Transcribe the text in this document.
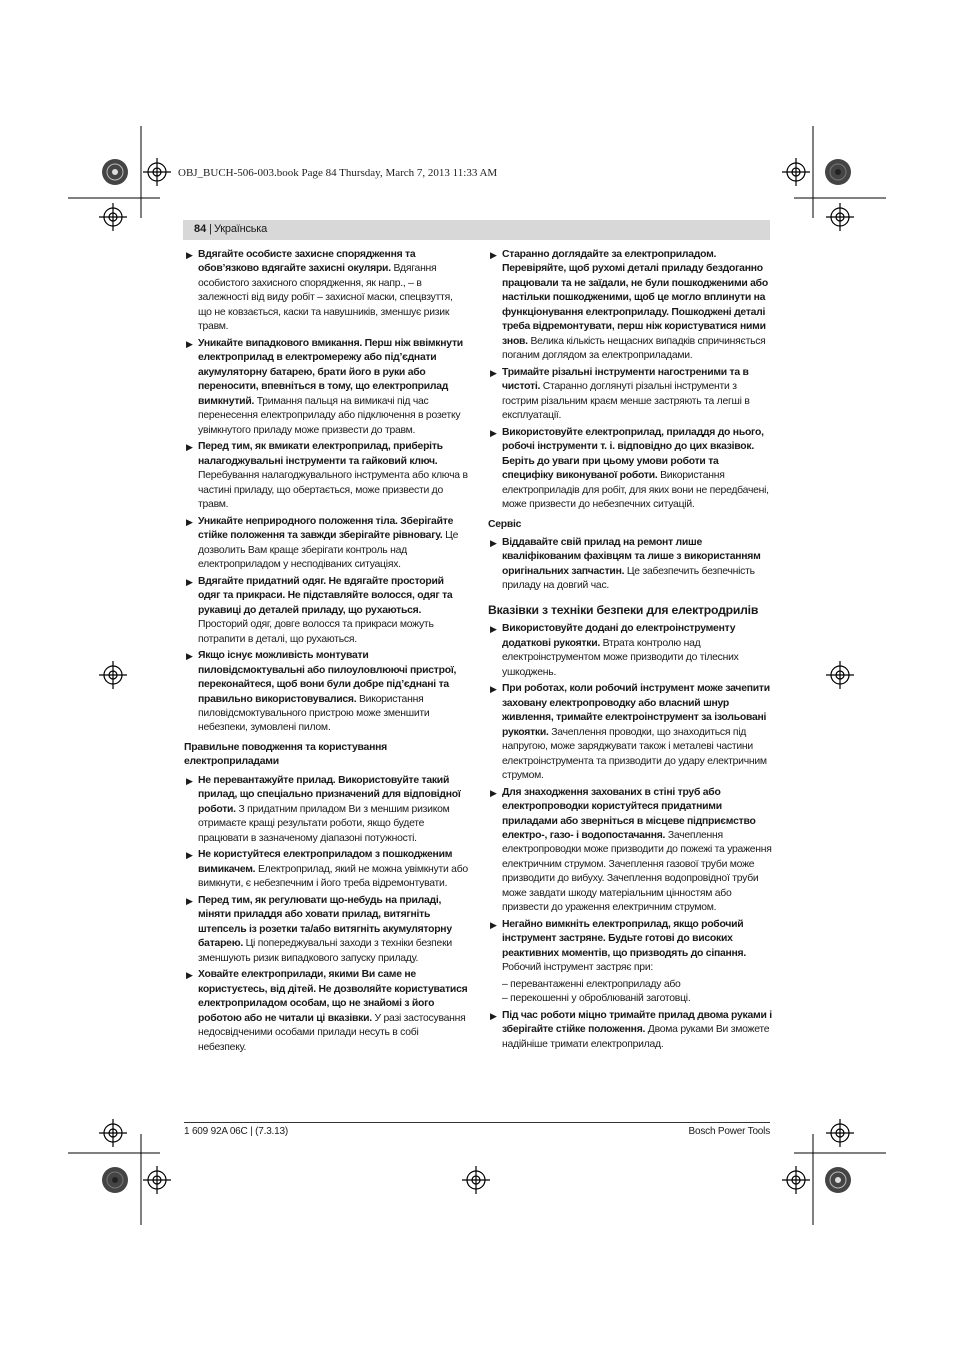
OBJ_BUCH-506-003.book Page 84 Thursday, March 7, 2013 11:33 AM
84 | Українська
▶ Вдягайте особисте захисне спорядження та обов’язково вдягайте захисні окуляри. Вдягання особистого захисного спорядження, як напр., – в залежності від виду робіт – захисної маски, спецвзуття, що не ковзається, каски та навушників, зменшує ризик травм.
▶ Уникайте випадкового вмикання. Перш ніж ввімкнути електроприлад в електромережу або під’єднати акумуляторну батарею, брати його в руки або переносити, впевніться в тому, що електроприлад вимкнутий. Тримання пальця на вимикачі під час перенесення електроприладу або підключення в розетку увімкнутого приладу може призвести до травм.
▶ Перед тим, як вмикати електроприлад, приберіть налагоджувальні інструменти та гайковий ключ. Перебування налагоджувального інструмента або ключа в частині приладу, що обертається, може призвести до травм.
▶ Уникайте неприродного положення тіла. Зберігайте стійке положення та завжди зберігайте рівновагу. Це дозволить Вам краще зберігати контроль над електроприладом у несподіваних ситуаціях.
▶ Вдягайте придатний одяг. Не вдягайте просторий одяг та прикраси. Не підставляйте волосся, одяг та рукавиці до деталей приладу, що рухаються. Просторий одяг, довге волосся та прикраси можуть потрапити в деталі, що рухаються.
▶ Якщо існує можливість монтувати пиловідсмоктувальні або пилоуловлюючі пристрої, переконайтеся, щоб вони були добре під’єднані та правильно використовувалися. Використання пиловідсмоктувального пристрою може зменшити небезпеки, зумовлені пилом.
Правильне поводження та користування електроприладами
▶ Не перевантажуйте прилад. Використовуйте такий прилад, що спеціально призначений для відповідної роботи. З придатним приладом Ви з меншим ризиком отримаєте кращі результати роботи, якщо будете працювати в зазначеному діапазоні потужності.
▶ Не користуйтеся електроприладом з пошкодженим вимикачем. Електроприлад, який не можна увімкнути або вимкнути, є небезпечним і його треба відремонтувати.
▶ Перед тим, як регулювати що-небудь на приладі, міняти приладдя або ховати прилад, витягніть штепсель із розетки та/або витягніть акумуляторну батарею. Ці попереджувальні заходи з техніки безпеки зменшують ризик випадкового запуску приладу.
▶ Ховайте електроприлади, якими Ви саме не користуєтесь, від дітей. Не дозволяйте користуватися електроприладом особам, що не знайомі з його роботою або не читали ці вказівки. У разі застосування недосвідченими особами прилади несуть в собі небезпеку.
▶ Старанно доглядайте за електроприладом. Перевіряйте, щоб рухомі деталі приладу бездоганно працювали та не заїдали, не були пошкодженими або настільки пошкодженими, щоб це могло вплинути на функціонування електроприладу. Пошкоджені деталі треба відремонтувати, перш ніж користуватися ними знов. Велика кількість нещасних випадків спричиняється поганим доглядом за електроприладами.
▶ Тримайте різальні інструменти нагостреними та в чистоті. Старанно доглянуті різальні інструменти з гострим різальним краєм менше застряють та легші в експлуатації.
▶ Використовуйте електроприлад, приладдя до нього, робочі інструменти т. і. відповідно до цих вказівок. Беріть до уваги при цьому умови роботи та специфіку виконуваної роботи. Використання електроприладів для робіт, для яких вони не передбачені, може призвести до небезпечних ситуацій.
Сервіс
▶ Віддавайте свій прилад на ремонт лише кваліфікованим фахівцям та лише з використанням оригінальних запчастин. Це забезпечить безпечність приладу на довгий час.
Вказівки з техніки безпеки для електродрилів
▶ Використовуйте додані до електроінструменту додаткові рукоятки. Втрата контролю над електроінструментом може призводити до тілесних ушкоджень.
▶ При роботах, коли робочий інструмент може зачепити заховану електропроводку або власний шнур живлення, тримайте електроінструмент за ізольовані рукоятки. Зачеплення проводки, що знаходиться під напругою, може заряджувати також і металеві частини електроінструмента та призводити до удару електричним струмом.
▶ Для знаходження захованих в стіні труб або електропроводки користуйтеся придатними приладами або зверніться в місцеве підприємство електро-, газо- і водопостачання. Зачеплення електропроводки може призводити до пожежі та ураження електричним струмом. Зачеплення газової труби може призводити до вибуху. Зачеплення водопровідної труби може завдати шкоду матеріальним цінностям або призвести до ураження електричним струмом.
▶ Негайно вимкніть електроприлад, якщо робочий інструмент застряне. Будьте готові до високих реактивних моментів, що призводять до сіпання. Робочий інструмент застряє при:
– перевантаженні електроприладу або
– перекошенні у оброблюваній заготовці.
▶ Під час роботи міцно тримайте прилад двома руками і зберігайте стійке положення. Двома руками Ви зможете надійніше тримати електроприлад.
1 609 92A 06C | (7.3.13)	Bosch Power Tools
